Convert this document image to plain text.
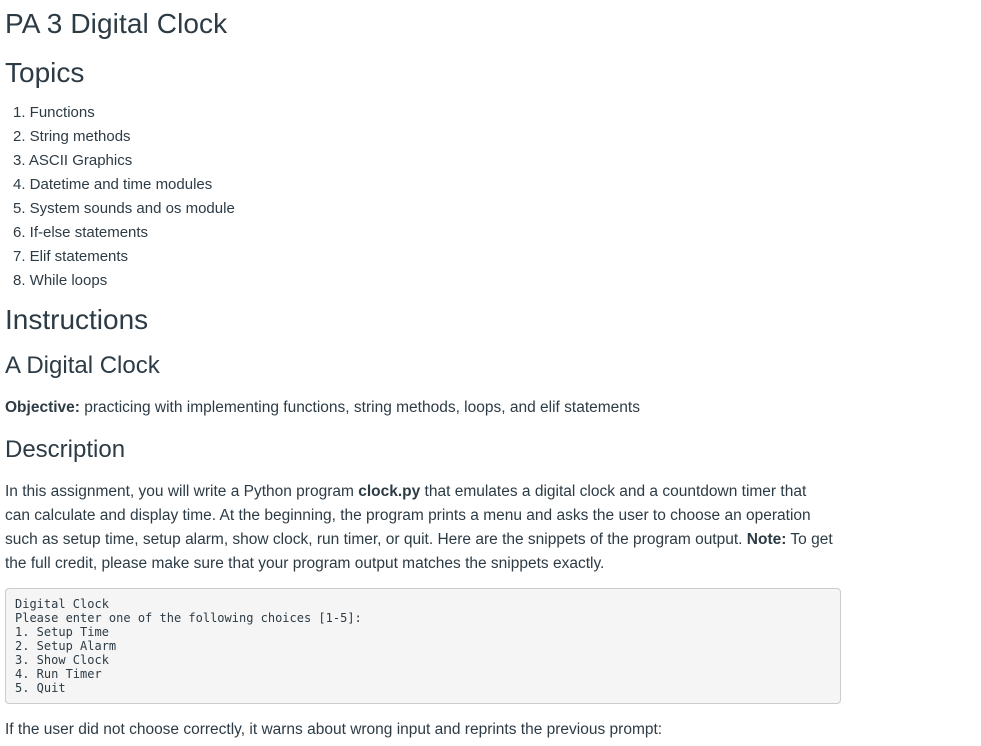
PA 3 Digital Clock
Topics
1. Functions
2. String methods
3. ASCII Graphics
4. Datetime and time modules
5. System sounds and os module
6. If-else statements
7. Elif statements
8. While loops
Instructions
A Digital Clock

Objective: practicing with implementing functions, string methods, loops, and elif statements

Description

In this assignment, you will write a Python program clock.py that emulates a digital clock and a countdown timer that can calculate and display time. At the beginning, the program prints a menu and asks the user to choose an operation such as setup time, setup alarm, show clock, run timer, or quit. Here are the snippets of the program output. Note: To get the full credit, please make sure that your program output matches the snippets exactly.

Digital Clock
Please enter one of the following choices [1-5]:
1. Setup Time
2. Setup Alarm
3. Show Clock
4. Run Timer
5. Quit

If the user did not choose correctly, it warns about wrong input and reprints the previous prompt:
